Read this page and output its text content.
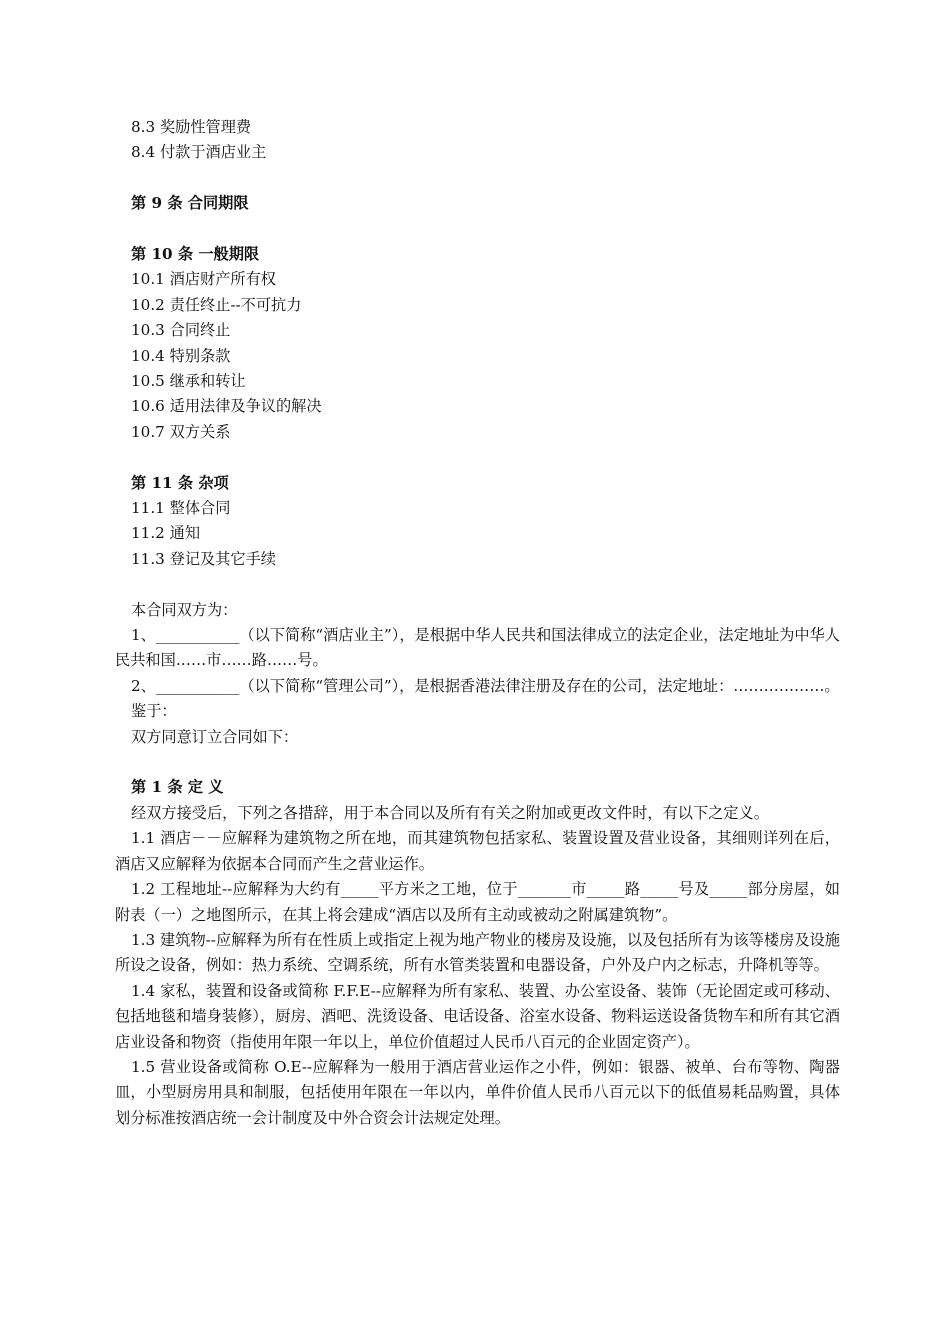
8.3 奖励性管理费
8.4 付款于酒店业主
第 9 条 合同期限
第 10 条 一般期限
10.1 酒店财产所有权
10.2 责任终止--不可抗力
10.3 合同终止
10.4 特别条款
10.5 继承和转让
10.6 适用法律及争议的解决
10.7 双方关系
第 11 条 杂项
11.1 整体合同
11.2 通知
11.3 登记及其它手续
本合同双方为：
1、___________（以下简称“酒店业主”），是根据中华人民共和国法律成立的法定企业，法定地址为中华人民共和国……市……路……号。
2、___________（以下简称“管理公司”），是根据香港法律注册及存在的公司，法定地址：………………。
鉴于：
双方同意订立合同如下：
第 1 条 定 义
经双方接受后，下列之各措辞，用于本合同以及所有有关之附加或更改文件时，有以下之定义。
1.1 酒店－－应解释为建筑物之所在地，而其建筑物包括家私、装置设置及营业设备，其细则详列在后，酒店又应解释为依据本合同而产生之营业运作。
1.2 工程地址--应解释为大约有_____平方米之工地，位于_______市_____路_____号及_____部分房屋，如附表（一）之地图所示，在其上将会建成“酒店以及所有主动或被动之附属建筑物”。
1.3 建筑物--应解释为所有在性质上或指定上视为地产物业的楼房及设施，以及包括所有为该等楼房及设施所设之设备，例如：热力系统、空调系统，所有水管类装置和电器设备，户外及户内之标志，升降机等等。
1.4 家私，装置和设备或简称 F.F.E--应解释为所有家私、装置、办公室设备、装饰（无论固定或可移动、包括地毯和墙身装修），厨房、酒吧、洗烫设备、电话设备、浴室水设备、物料运送设备货物车和所有其它酒店业设备和物资（指使用年限一年以上，单位价值超过人民币八百元的企业固定资产）。
1.5 营业设备或简称 O.E--应解释为一般用于酒店营业运作之小件，例如：银器、被单、台布等物、陶器皿，小型厨房用具和制服，包括使用年限在一年以内，单件价值人民币八百元以下的低值易耗品购置，具体划分标准按酒店统一会计制度及中外合资会计法规定处理。
